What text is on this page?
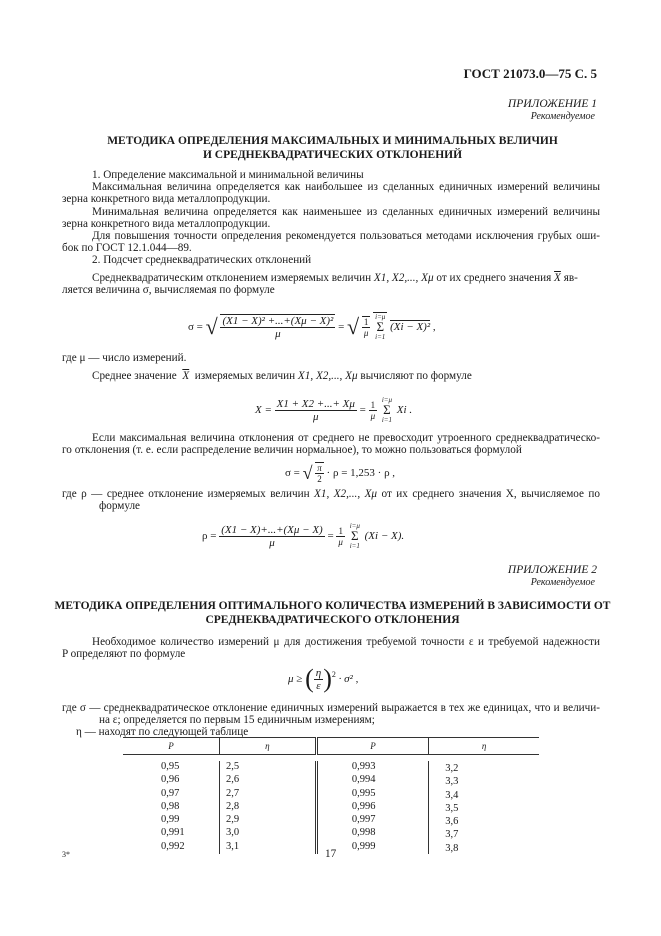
ГОСТ 21073.0—75 С. 5
ПРИЛОЖЕНИЕ 1
Рекомендуемое
МЕТОДИКА ОПРЕДЕЛЕНИЯ МАКСИМАЛЬНЫХ И МИНИМАЛЬНЫХ ВЕЛИЧИН
И СРЕДНЕКВАДРАТИЧЕСКИХ ОТКЛОНЕНИЙ
1. Определение максимальной и минимальной величины
Максимальная величина определяется как наибольшее из сделанных единичных измерений величины
зерна конкретного вида металлопродукции.
Минимальная величина определяется как наименьшее из сделанных единичных измерений величины
зерна конкретного вида металлопродукции.
Для повышения точности определения рекомендуется пользоваться методами исключения грубых оши-
бок по ГОСТ 12.1.044—89.
2. Подсчет среднеквадратических отклонений
Среднеквадратическим отклонением измеряемых величин X1, X2,..., Xμ от их среднего значения $\overline{X}$ яв-
ляется величина σ, вычисляемая по формуле
σ = √ $\frac{\text{(X1 − X)² +...+(Xμ − X)²}}{\mu}$ = √ $\frac{1}{\mu}$
i=μ
Σ
i=1
(Xi − X)² ,
где μ — число измерений.
Среднее значение $\overline{X}$ измеряемых величин X1, X2,..., Xμ вычисляют по формуле
$X = \frac{X1 + X2 +...+ X\mu}{\mu} = \frac{1}{\mu}$
i=μ
Σ
i=1
Xi .
Если максимальная величина отклонения от среднего не превосходит утроенного среднеквадратическо-
го отклонения (т. е. если распределение величин нормальное), то можно пользоваться формулой
σ = √ $\frac{\pi}{2} \cdot \rho = 1,253 \cdot \rho$ ,
где ρ — среднее отклонение измеряемых величин X1, X2,..., Xμ от их среднего значения X, вычисляемое по
формуле
$\rho = \frac{(X1 - X)+...+(X\mu - X)}{\mu} = \frac{1}{\mu}$
i=μ
Σ
i=1
(Xi − X).
ПРИЛОЖЕНИЕ 2
Рекомендуемое
МЕТОДИКА ОПРЕДЕЛЕНИЯ ОПТИМАЛЬНОГО КОЛИЧЕСТВА ИЗМЕРЕНИЙ В ЗАВИСИМОСТИ ОТ
СРЕДНЕКВАДРАТИЧЕСКОГО ОТКЛОНЕНИЯ
Необходимое количество измерений μ для достижения требуемой точности ε и требуемой надежности
P определяют по формуле
μ ≥ ( $\frac{\eta}{\varepsilon} )^2 \cdot \sigma^2$ ,
где σ — среднеквадратическое отклонение единичных измерений выражается в тех же единицах, что и величи-
на ε; определяется по первым 15 единичным измерениям;
η — находят по следующей таблице
P	η	P	η

0,95	2,5	0,993	3,2
0,96	2,6	0,994	3,3
0,97	2,7	0,995	3,4
0,98	2,8	0,996	3,5
0,99	2,9	0,997	3,6
0,991	3,0	0,998	3,7
0,992	3,1	0,999	3,8
3*	17
